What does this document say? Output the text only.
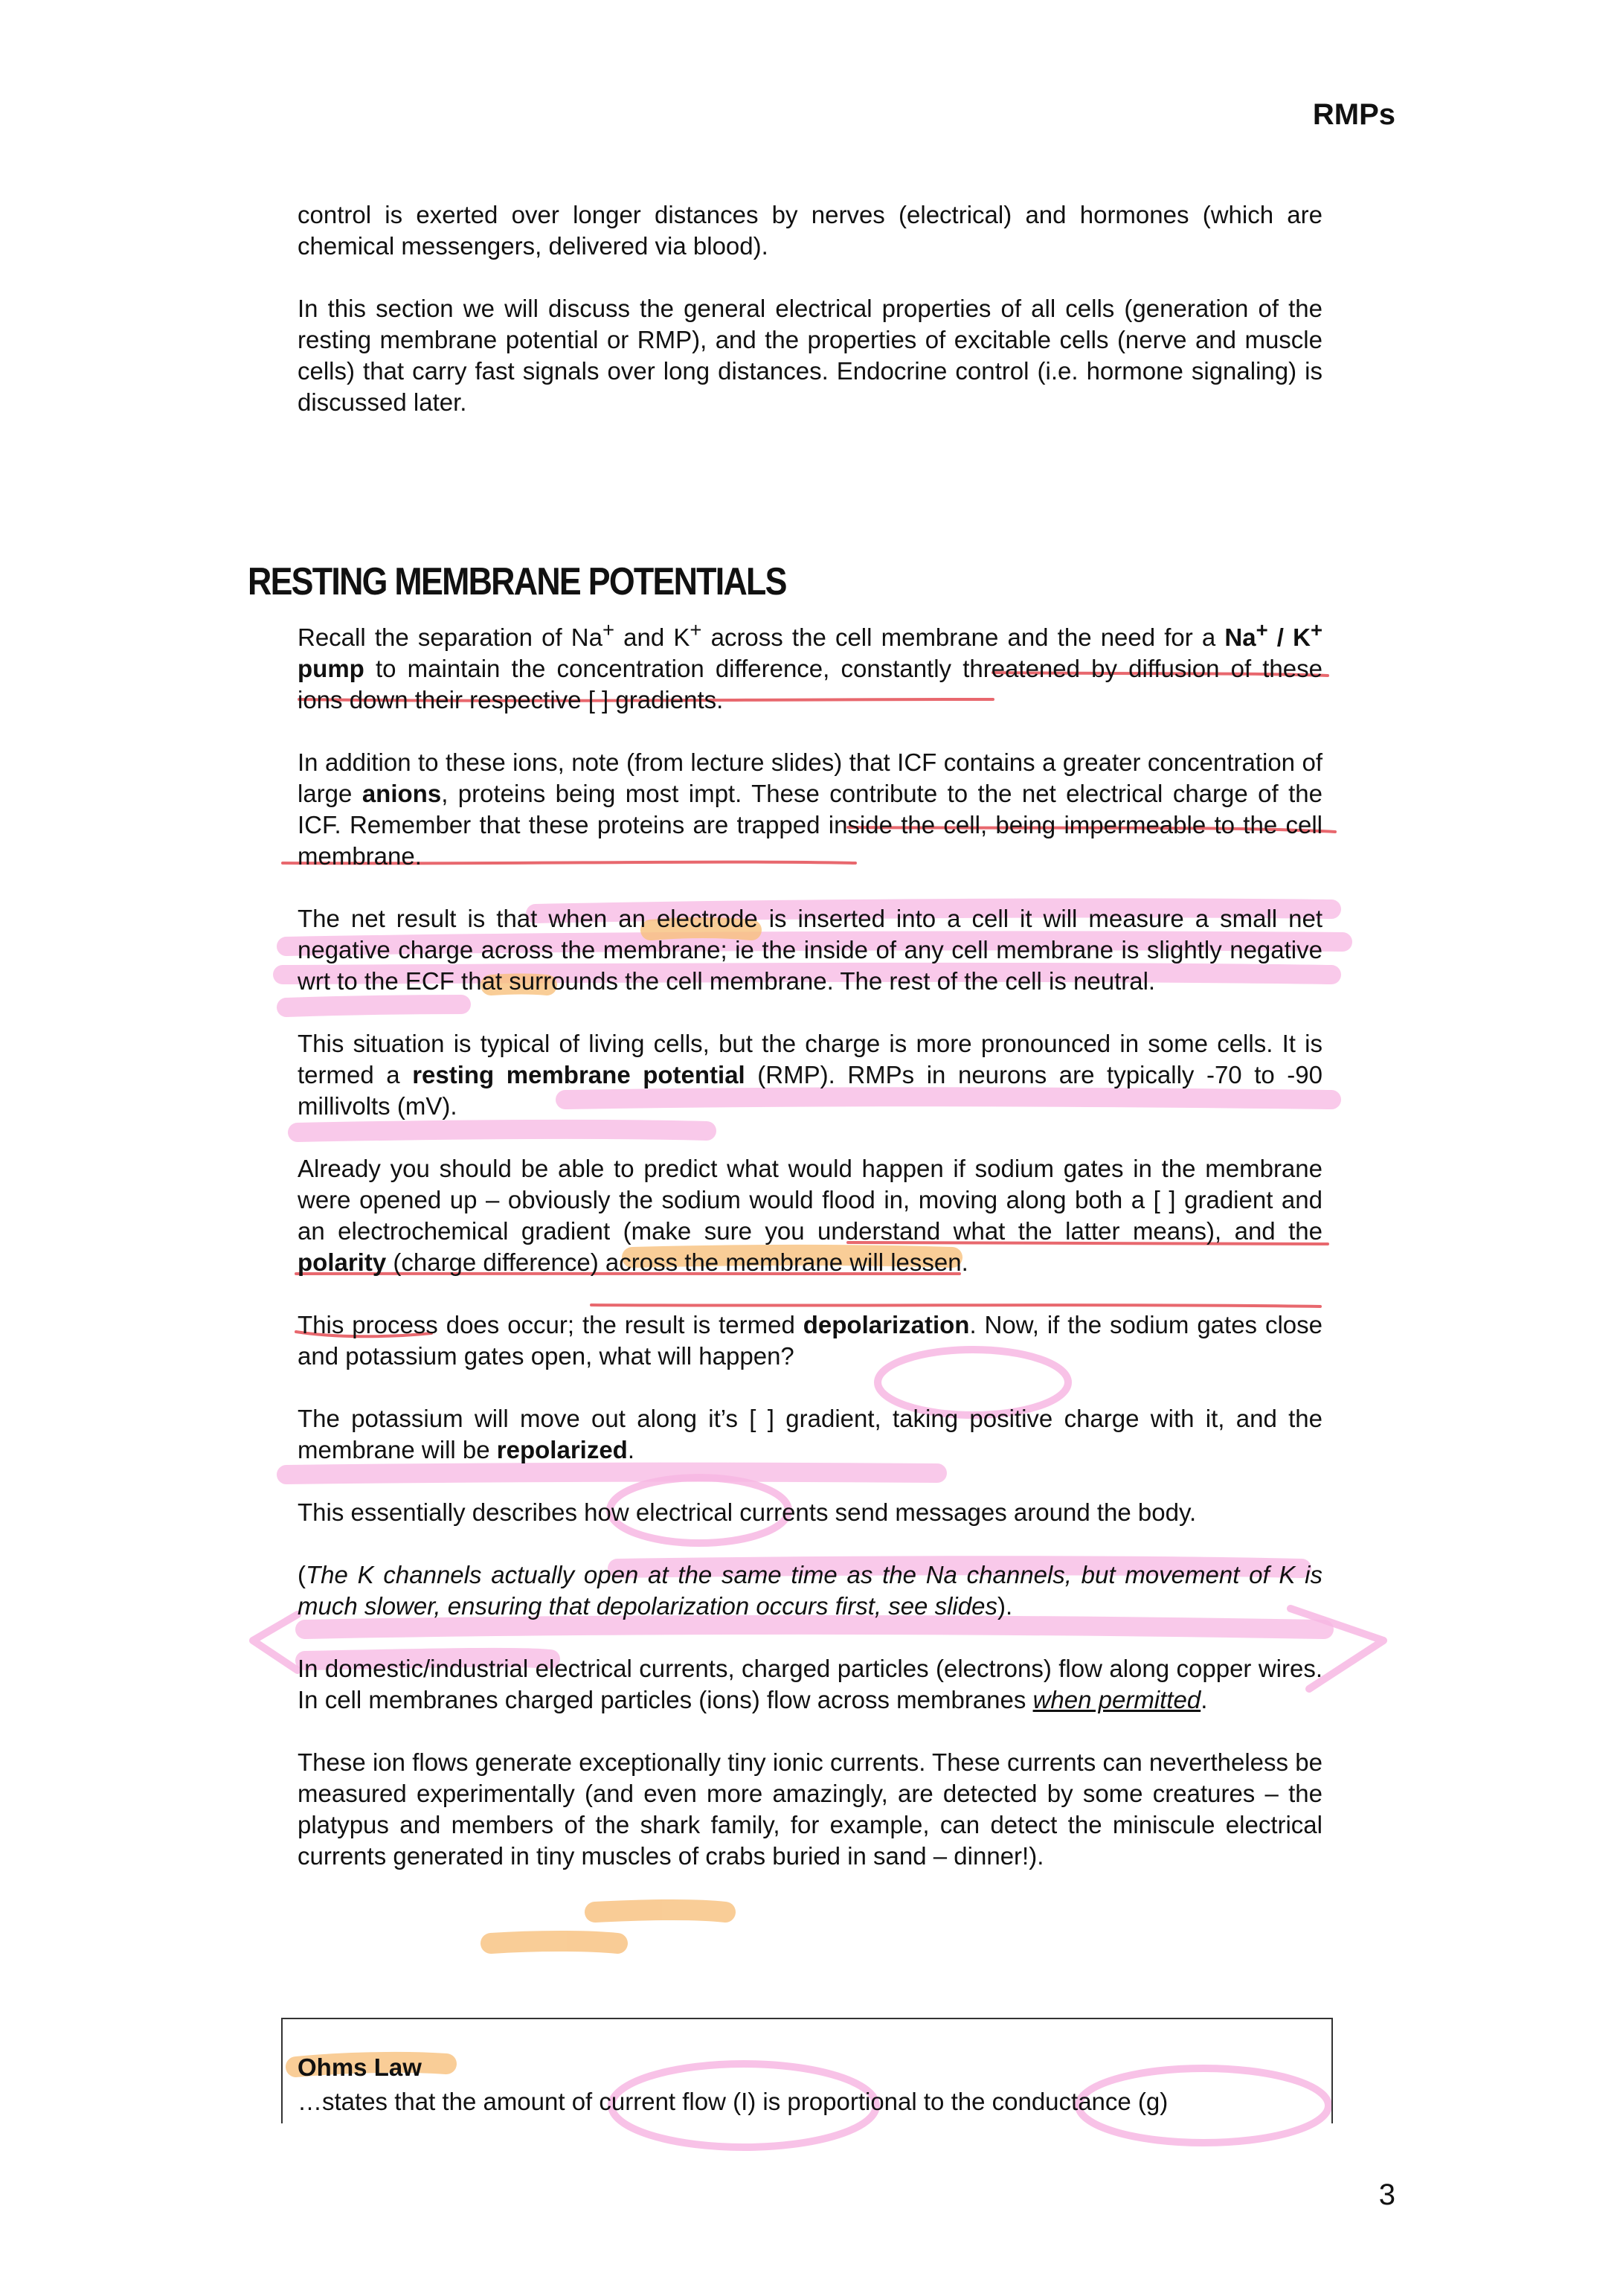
RMPs

control is exerted over longer distances by nerves (electrical) and hormones (which are chemical messengers, delivered via blood).

In this section we will discuss the general electrical properties of all cells (generation of the resting membrane potential or RMP), and the properties of excitable cells (nerve and muscle cells) that carry fast signals over long distances. Endocrine control (i.e. hormone signaling) is discussed later.

RESTING MEMBRANE POTENTIALS

Recall the separation of Na+ and K+ across the cell membrane and the need for a Na+ / K+ pump to maintain the concentration difference, constantly threatened by diffusion of these ions down their respective [ ] gradients.

In addition to these ions, note (from lecture slides) that ICF contains a greater concentration of large anions, proteins being most impt. These contribute to the net electrical charge of the ICF. Remember that these proteins are trapped inside the cell, being impermeable to the cell membrane.

The net result is that when an electrode is inserted into a cell it will measure a small net negative charge across the membrane; ie the inside of any cell membrane is slightly negative wrt to the ECF that surrounds the cell membrane. The rest of the cell is neutral.

This situation is typical of living cells, but the charge is more pronounced in some cells. It is termed a resting membrane potential (RMP). RMPs in neurons are typically -70 to -90 millivolts (mV).

Already you should be able to predict what would happen if sodium gates in the membrane were opened up – obviously the sodium would flood in, moving along both a [ ] gradient and an electrochemical gradient (make sure you understand what the latter means), and the polarity (charge difference) across the membrane will lessen.

This process does occur; the result is termed depolarization. Now, if the sodium gates close and potassium gates open, what will happen?

The potassium will move out along it’s [ ] gradient, taking positive charge with it, and the membrane will be repolarized.

This essentially describes how electrical currents send messages around the body.

(The K channels actually open at the same time as the Na channels, but movement of K is much slower, ensuring that depolarization occurs first, see slides).

In domestic/industrial electrical currents, charged particles (electrons) flow along copper wires. In cell membranes charged particles (ions) flow across membranes when permitted.

These ion flows generate exceptionally tiny ionic currents. These currents can nevertheless be measured experimentally (and even more amazingly, are detected by some creatures – the platypus and members of the shark family, for example, can detect the miniscule electrical currents generated in tiny muscles of crabs buried in sand – dinner!).

Ohms Law

…states that the amount of current flow (I) is proportional to the conductance (g)

3
